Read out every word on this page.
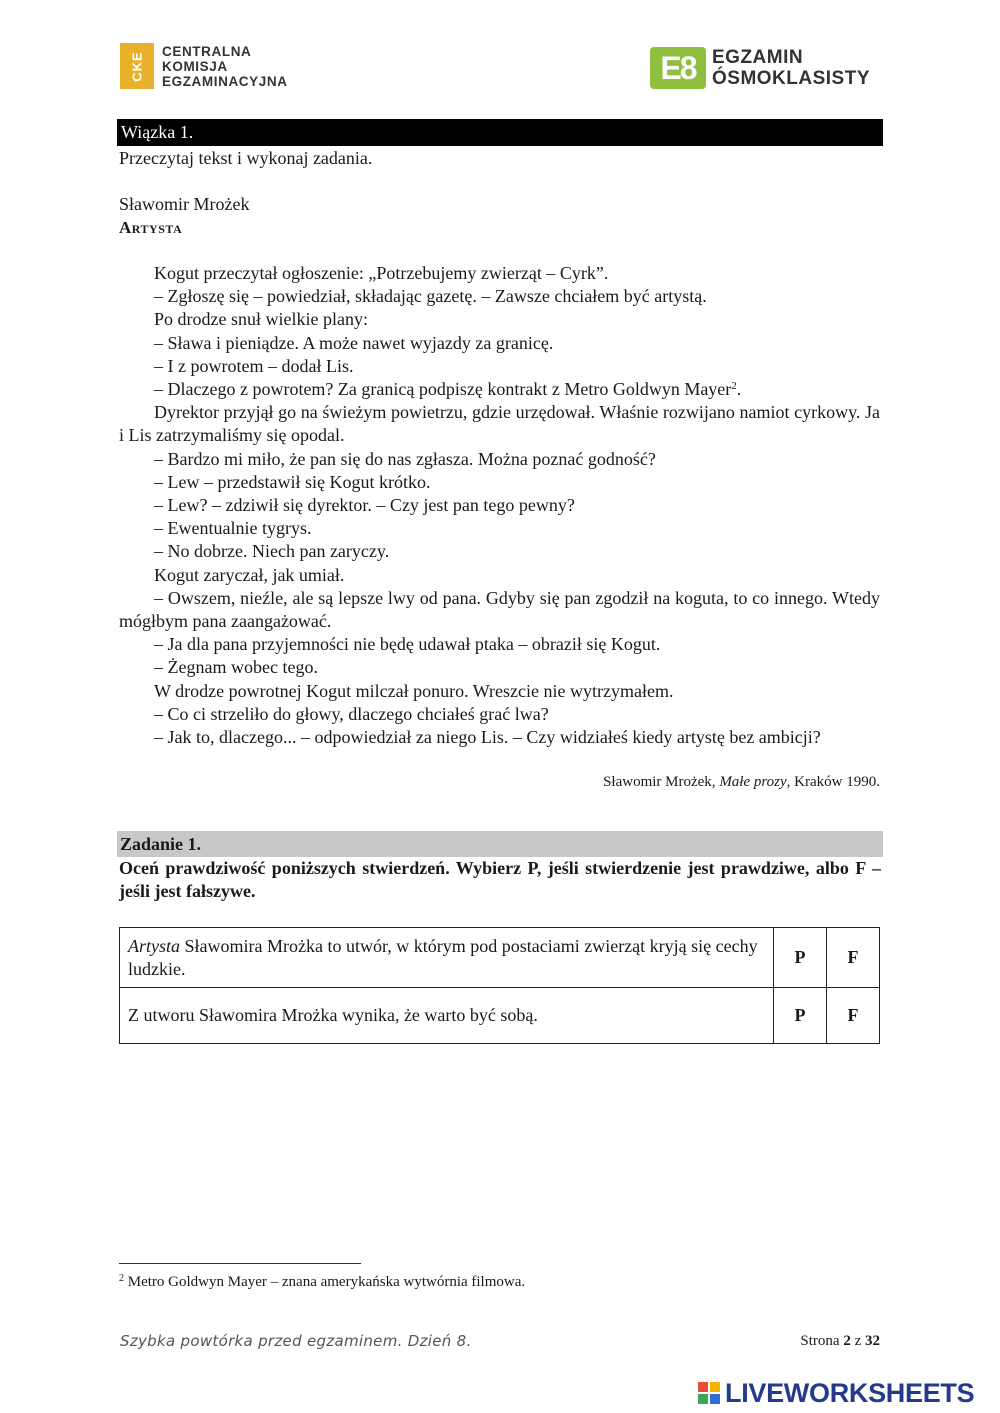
CKE CENTRALNA
KOMISJA
EGZAMINACYJNA	E8 EGZAMIN
ÓSMOKLASISTY
Wiązka 1.
Przeczytaj tekst i wykonaj zadania.
Sławomir Mrożek
Artysta

Kogut przeczytał ogłoszenie: „Potrzebujemy zwierząt – Cyrk”.

– Zgłoszę się – powiedział, składając gazetę. – Zawsze chciałem być artystą.

Po drodze snuł wielkie plany:

– Sława i pieniądze. A może nawet wyjazdy za granicę.

– I z powrotem – dodał Lis.

– Dlaczego z powrotem? Za granicą podpiszę kontrakt z Metro Goldwyn Mayer$^2$.

Dyrektor przyjął go na świeżym powietrzu, gdzie urzędował. Właśnie rozwijano namiot cyrkowy. Ja i Lis zatrzymaliśmy się opodal.

– Bardzo mi miło, że pan się do nas zgłasza. Można poznać godność?

– Lew – przedstawił się Kogut krótko.

– Lew? – zdziwił się dyrektor. – Czy jest pan tego pewny?

– Ewentualnie tygrys.

– No dobrze. Niech pan zaryczy.

Kogut zaryczał, jak umiał.

– Owszem, nieźle, ale są lepsze lwy od pana. Gdyby się pan zgodził na koguta, to co innego. Wtedy mógłbym pana zaangażować.

– Ja dla pana przyjemności nie będę udawał ptaka – obraził się Kogut.

– Żegnam wobec tego.

W drodze powrotnej Kogut milczał ponuro. Wreszcie nie wytrzymałem.

– Co ci strzeliło do głowy, dlaczego chciałeś grać lwa?

– Jak to, dlaczego... – odpowiedział za niego Lis. – Czy widziałeś kiedy artystę bez ambicji?

Sławomir Mrożek, Małe prozy, Kraków 1990.
Zadanie 1.
Oceń prawdziwość poniższych stwierdzeń. Wybierz P, jeśli stwierdzenie jest prawdziwe, albo F – jeśli jest fałszywe.
Artysta Sławomira Mrożka to utwór, w którym pod postaciami zwierząt kryją się cechy ludzkie.	P	F
Z utworu Sławomira Mrożka wynika, że warto być sobą.	P	F
$^2$ Metro Goldwyn Mayer – znana amerykańska wytwórnia filmowa.
Szybka powtórka przed egzaminem. Dzień 8.	Strona 2 z 32
LIVEWORKSHEETS
